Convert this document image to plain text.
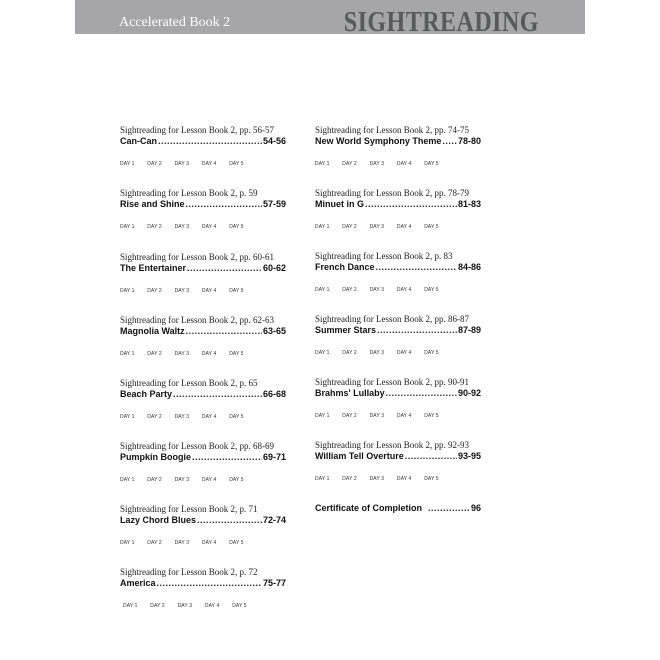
Accelerated Book 2	SIGHTREADING
Sightreading for Lesson Book 2, pp. 56-57
Can-Can .....	54-56
DAY 1	DAY 2	DAY 3	DAY 4	DAY 5
Sightreading for Lesson Book 2, p. 59
Rise and Shine .....	57-59
DAY 1	DAY 2	DAY 3	DAY 4	DAY 5
Sightreading for Lesson Book 2, pp. 60-61
The Entertainer .....	60-62
DAY 1	DAY 2	DAY 3	DAY 4	DAY 5
Sightreading for Lesson Book 2, pp. 62-63
Magnolia Waltz .....	63-65
DAY 1	DAY 2	DAY 3	DAY 4	DAY 5
Sightreading for Lesson Book 2, p. 65
Beach Party .....	66-68
DAY 1	DAY 2	DAY 3	DAY 4	DAY 5
Sightreading for Lesson Book 2, pp. 68-69
Pumpkin Boogie .....	69-71
DAY 1	DAY 2	DAY 3	DAY 4	DAY 5
Sightreading for Lesson Book 2, p. 71
Lazy Chord Blues .....	72-74
DAY 1	DAY 2	DAY 3	DAY 4	DAY 5
Sightreading for Lesson Book 2, p. 72
America .....	75-77
DAY 1	DAY 2	DAY 3	DAY 4	DAY 5
Sightreading for Lesson Book 2, pp. 74-75
New World Symphony Theme ..... 78-80
DAY 1	DAY 2	DAY 3	DAY 4	DAY 5
Sightreading for Lesson Book 2, pp. 78-79
Minuet in G .....	81-83
DAY 1	DAY 2	DAY 3	DAY 4	DAY 5
Sightreading for Lesson Book 2, p. 83
French Dance .....	84-86
DAY 1	DAY 2	DAY 3	DAY 4	DAY 5
Sightreading for Lesson Book 2, pp. 86-87
Summer Stars .....	87-89
DAY 1	DAY 2	DAY 3	DAY 4	DAY 5
Sightreading for Lesson Book 2, pp. 90-91
Brahms' Lullaby .....	90-92
DAY 1	DAY 2	DAY 3	DAY 4	DAY 5
Sightreading for Lesson Book 2, pp. 92-93
William Tell Overture .....	93-95
DAY 1	DAY 2	DAY 3	DAY 4	DAY 5
Certificate of Completion .....	96
